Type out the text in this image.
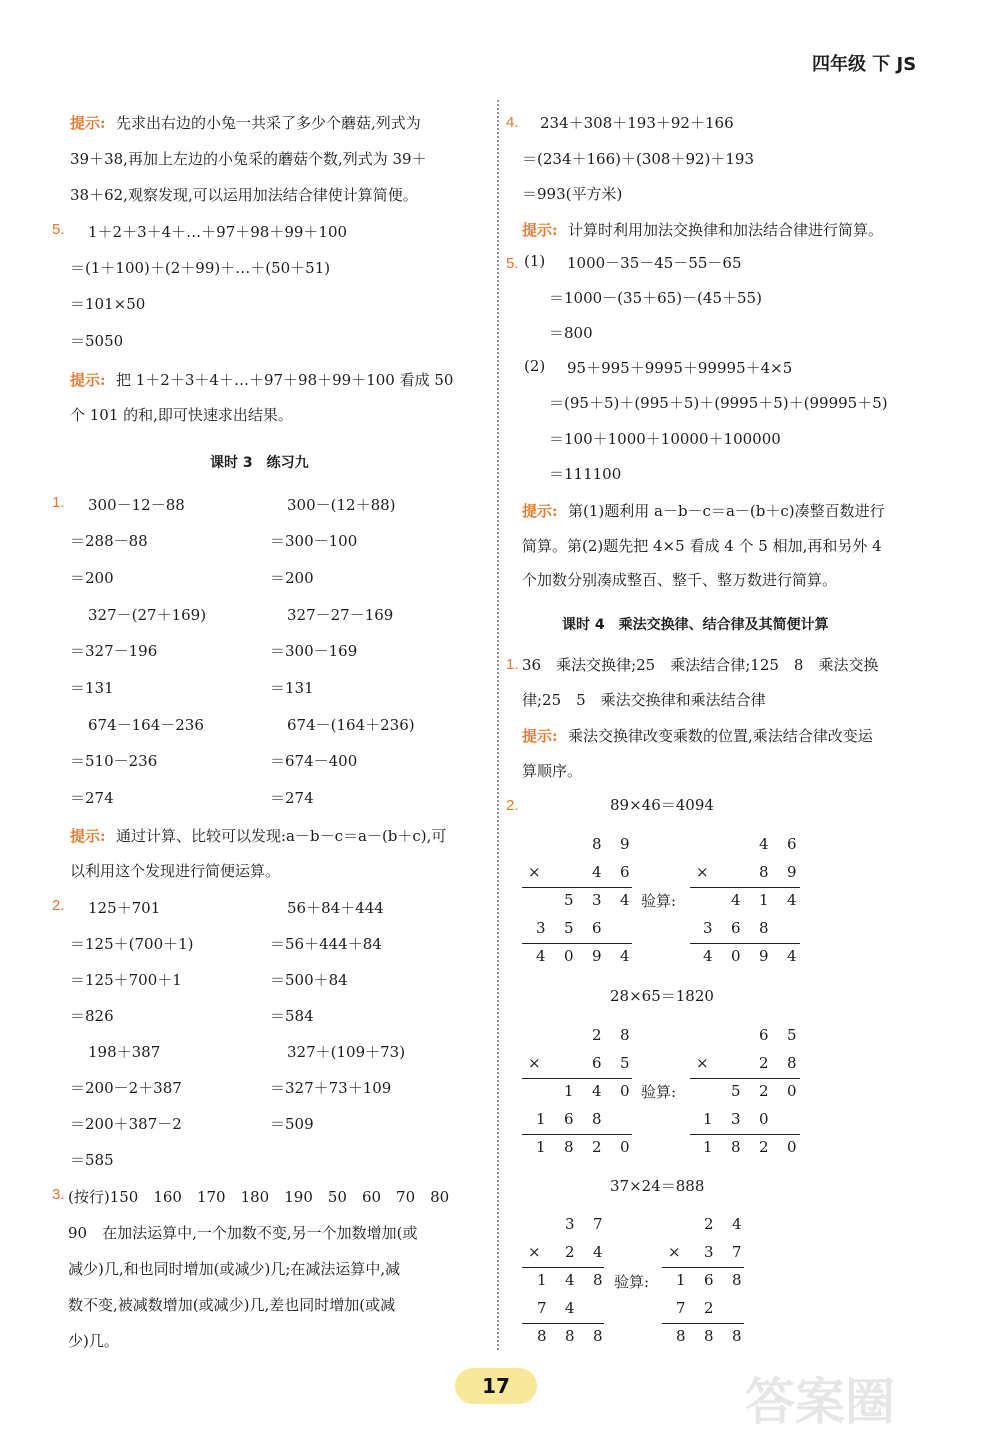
四年级 下 JS
提示: 先求出右边的小兔一共采了多少个蘑菇,列式为
39＋38,再加上左边的小兔采的蘑菇个数,列式为 39＋
38＋62,观察发现,可以运用加法结合律使计算简便。
5. 1＋2＋3＋4＋…＋97＋98＋99＋100
＝(1＋100)＋(2＋99)＋…＋(50＋51)
＝101×50
＝5050
提示: 把 1＋2＋3＋4＋…＋97＋98＋99＋100 看成 50
个 101 的和,即可快速求出结果。
课时 3　练习九
1. 300－12－88
＝288－88
＝200
327－(27＋169)
＝327－196
＝131
674－164－236
＝510－236
＝274
300－(12＋88)
＝300－100
＝200
327－27－169
＝300－169
＝131
674－(164＋236)
＝674－400
＝274
提示: 通过计算、比较可以发现:a－b－c＝a－(b＋c),可
以利用这个发现进行简便运算。
2. 125＋701
＝125＋(700＋1)
＝125＋700＋1
＝826
198＋387
＝200－2＋387
＝200＋387－2
＝585
56＋84＋444
＝56＋444＋84
＝500＋84
＝584
327＋(109＋73)
＝327＋73＋109
＝509
3. (按行)150　160　170　180　190　50　60　70　80
90　在加法运算中,一个加数不变,另一个加数增加(或
减少)几,和也同时增加(或减少)几;在减法运算中,减
数不变,被减数增加(或减少)几,差也同时增加(或减
少)几。
4. 234＋308＋193＋92＋166
＝(234＋166)＋(308＋92)＋193
＝993(平方米)
提示: 计算时利用加法交换律和加法结合律进行简算。
5. (1) 1000－35－45－55－65
＝1000－(35＋65)－(45＋55)
＝800
(2) 95＋995＋9995＋99995＋4×5
＝(95＋5)＋(995＋5)＋(9995＋5)＋(99995＋5)
＝100＋1000＋10000＋100000
＝111100
提示: 第(1)题利用 a－b－c＝a－(b＋c)凑整百数进行
简算。第(2)题先把 4×5 看成 4 个 5 相加,再和另外 4
个加数分别凑成整百、整千、整万数进行简算。
课时 4　乘法交换律、结合律及其简便计算
1. 36　乘法交换律;25　乘法结合律;125　8　乘法交换
律;25　5　乘法交换律和乘法结合律
提示: 乘法交换律改变乘数的位置,乘法结合律改变运
算顺序。
2.	89×46＝4094
28×65＝1820
37×24＝888
验算:
验算:
验算:
17	答案圈
8 9
4 6
×
5 3 4
3 5 6
4 0 9 4
4 6
8 9
×
4 1 4
3 6 8
4 0 9 4
2 8
6 5
×
1 4 0
1 6 8
1 8 2 0
6 5
2 8
×
5 2 0
1 3 0
1 8 2 0
3 7
2 4
×
1 4 8
7 4
8 8 8
2 4
3 7
×
1 6 8
7 2
8 8 8
